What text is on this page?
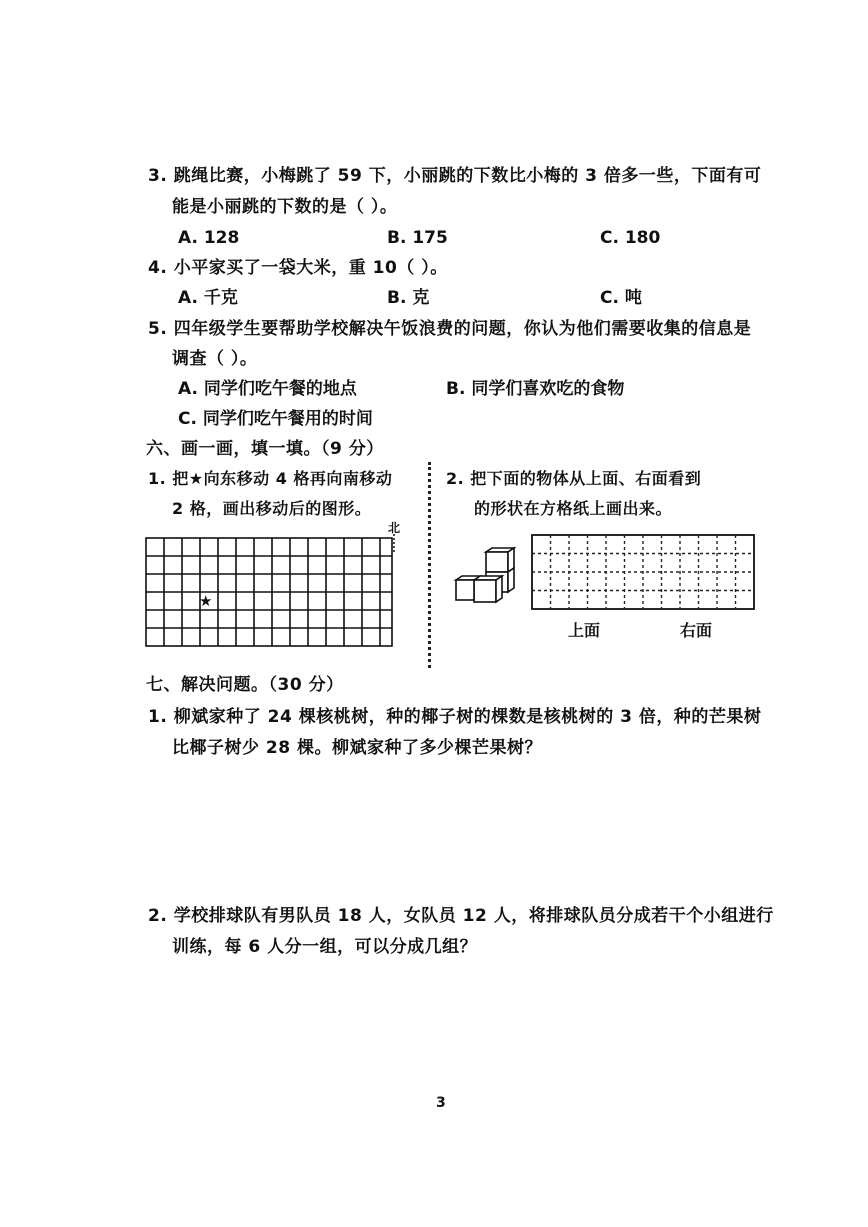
3. 跳绳比赛，小梅跳了 59 下，小丽跳的下数比小梅的 3 倍多一些，下面有可
能是小丽跳的下数的是（ ）。
A. 128	B. 175	C. 180
4. 小平家买了一袋大米，重 10（ ）。
A. 千克	B. 克	C. 吨
5. 四年级学生要帮助学校解决午饭浪费的问题，你认为他们需要收集的信息是
调查（ ）。
A. 同学们吃午餐的地点	B. 同学们喜欢吃的食物
C. 同学们吃午餐用的时间
六、画一画，填一填。（9 分）
1. 把★向东移动 4 格再向南移动
2 格，画出移动后的图形。
北
★
2. 把下面的物体从上面、右面看到
的形状在方格纸上画出来。
上面	右面
七、解决问题。（30 分）
1. 柳斌家种了 24 棵核桃树，种的椰子树的棵数是核桃树的 3 倍，种的芒果树
比椰子树少 28 棵。柳斌家种了多少棵芒果树？
2. 学校排球队有男队员 18 人，女队员 12 人，将排球队员分成若干个小组进行
训练，每 6 人分一组，可以分成几组？
3
